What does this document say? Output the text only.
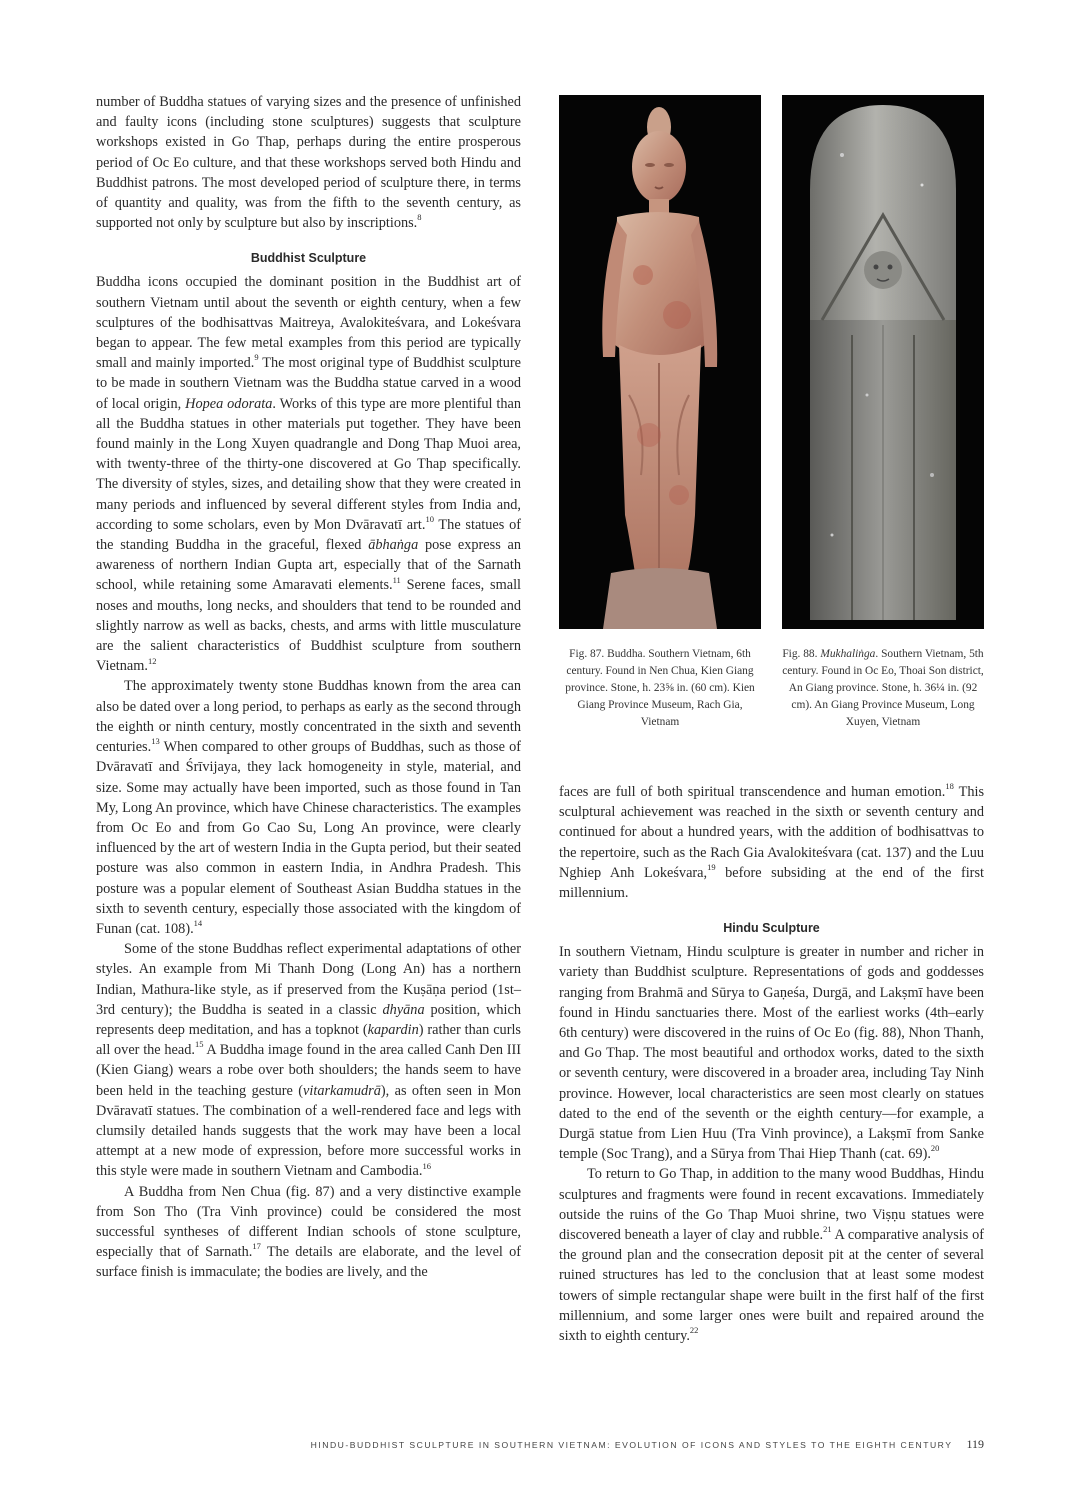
number of Buddha statues of varying sizes and the presence of unfinished and faulty icons (including stone sculptures) suggests that sculpture workshops existed in Go Thap, perhaps during the entire prosperous period of Oc Eo culture, and that these workshops served both Hindu and Buddhist patrons. The most developed period of sculpture there, in terms of quantity and quality, was from the fifth to the seventh century, as supported not only by sculpture but also by inscriptions.$^8$

Buddhist Sculpture

Buddha icons occupied the dominant position in the Buddhist art of southern Vietnam until about the seventh or eighth century, when a few sculptures of the bodhisattvas Maitreya, Avalokiteśvara, and Lokeśvara began to appear. The few metal examples from this period are typically small and mainly imported.$^9$ The most original type of Buddhist sculpture to be made in southern Vietnam was the Buddha statue carved in a wood of local origin, Hopea odorata. Works of this type are more plentiful than all the Buddha statues in other materials put together. They have been found mainly in the Long Xuyen quadrangle and Dong Thap Muoi area, with twenty-three of the thirty-one discovered at Go Thap specifically. The diversity of styles, sizes, and detailing show that they were created in many periods and influenced by several different styles from India and, according to some scholars, even by Mon Dvāravatī art.$^{10}$ The statues of the standing Buddha in the graceful, flexed ābhaṅga pose express an awareness of northern Indian Gupta art, especially that of the Sarnath school, while retaining some Amaravati elements.$^{11}$ Serene faces, small noses and mouths, long necks, and shoulders that tend to be rounded and slightly narrow as well as backs, chests, and arms with little musculature are the salient characteristics of Buddhist sculpture from southern Vietnam.$^{12}$

The approximately twenty stone Buddhas known from the area can also be dated over a long period, to perhaps as early as the second through the eighth or ninth century, mostly concentrated in the sixth and seventh centuries.$^{13}$ When compared to other groups of Buddhas, such as those of Dvāravatī and Śrīvijaya, they lack homogeneity in style, material, and size. Some may actually have been imported, such as those found in Tan My, Long An province, which have Chinese characteristics. The examples from Oc Eo and from Go Cao Su, Long An province, were clearly influenced by the art of western India in the Gupta period, but their seated posture was also common in eastern India, in Andhra Pradesh. This posture was a popular element of Southeast Asian Buddha statues in the sixth to seventh century, especially those associated with the kingdom of Funan (cat. 108).$^{14}$

Some of the stone Buddhas reflect experimental adaptations of other styles. An example from Mi Thanh Dong (Long An) has a northern Indian, Mathura-like style, as if preserved from the Kuṣāṇa period (1st–3rd century); the Buddha is seated in a classic dhyāna position, which represents deep meditation, and has a topknot (kapardin) rather than curls all over the head.$^{15}$ A Buddha image found in the area called Canh Den III (Kien Giang) wears a robe over both shoulders; the hands seem to have been held in the teaching gesture (vitarkamudrā), as often seen in Mon Dvāravatī statues. The combination of a well-rendered face and legs with clumsily detailed hands suggests that the work may have been a local attempt at a new mode of expression, before more successful works in this style were made in southern Vietnam and Cambodia.$^{16}$

A Buddha from Nen Chua (fig. 87) and a very distinctive example from Son Tho (Tra Vinh province) could be considered the most successful syntheses of different Indian schools of stone sculpture, especially that of Sarnath.$^{17}$ The details are elaborate, and the level of surface finish is immaculate; the bodies are lively, and the

Fig. 87. Buddha. Southern Vietnam, 6th century. Found in Nen Chua, Kien Giang province. Stone, h. 23⅝ in. (60 cm). Kien Giang Province Museum, Rach Gia, Vietnam
Fig. 88. Mukhaliṅga. Southern Vietnam, 5th century. Found in Oc Eo, Thoai Son district, An Giang province. Stone, h. 36¼ in. (92 cm). An Giang Province Museum, Long Xuyen, Vietnam

faces are full of both spiritual transcendence and human emotion.$^{18}$ This sculptural achievement was reached in the sixth or seventh century and continued for about a hundred years, with the addition of bodhisattvas to the repertoire, such as the Rach Gia Avalokiteśvara (cat. 137) and the Luu Nghiep Anh Lokeśvara,$^{19}$ before subsiding at the end of the first millennium.

Hindu Sculpture

In southern Vietnam, Hindu sculpture is greater in number and richer in variety than Buddhist sculpture. Representations of gods and goddesses ranging from Brahmā and Sūrya to Gaṇeśa, Durgā, and Lakṣmī have been found in Hindu sanctuaries there. Most of the earliest works (4th–early 6th century) were discovered in the ruins of Oc Eo (fig. 88), Nhon Thanh, and Go Thap. The most beautiful and orthodox works, dated to the sixth or seventh century, were discovered in a broader area, including Tay Ninh province. However, local characteristics are seen most clearly on statues dated to the end of the seventh or the eighth century—for example, a Durgā statue from Lien Huu (Tra Vinh province), a Lakṣmī from Sanke temple (Soc Trang), and a Sūrya from Thai Hiep Thanh (cat. 69).$^{20}$

To return to Go Thap, in addition to the many wood Buddhas, Hindu sculptures and fragments were found in recent excavations. Immediately outside the ruins of the Go Thap Muoi shrine, two Viṣṇu statues were discovered beneath a layer of clay and rubble.$^{21}$ A comparative analysis of the ground plan and the consecration deposit pit at the center of several ruined structures has led to the conclusion that at least some modest towers of simple rectangular shape were built in the first half of the first millennium, and some larger ones were built and repaired around the sixth to eighth century.$^{22}$

HINDU-BUDDHIST SCULPTURE IN SOUTHERN VIETNAM: EVOLUTION OF ICONS AND STYLES TO THE EIGHTH CENTURY 119
